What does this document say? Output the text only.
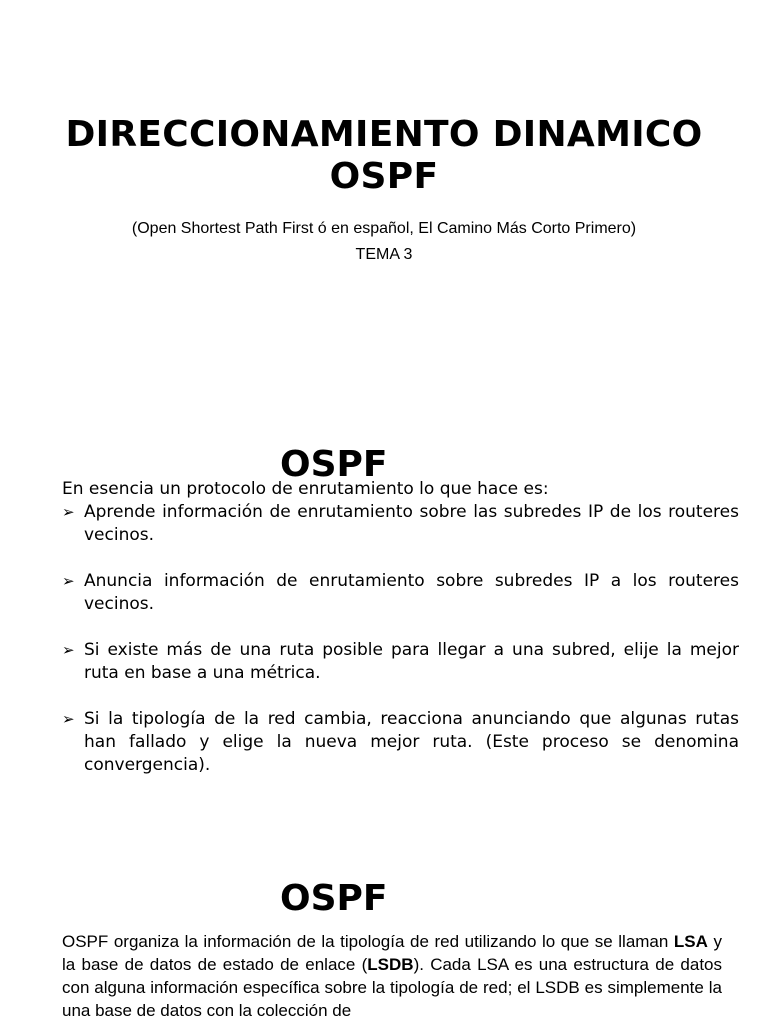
DIRECCIONAMIENTO DINAMICO
OSPF
(Open Shortest Path First ó en español, El Camino Más Corto Primero)
TEMA 3
OSPF
En esencia un protocolo de enrutamiento lo que hace es:
➢ Aprende información de enrutamiento sobre las subredes IP de los routeres vecinos.
➢ Anuncia información de enrutamiento sobre subredes IP a los routeres vecinos.
➢ Si existe más de una ruta posible para llegar a una subred, elije la mejor ruta en base a una métrica.
➢ Si la tipología de la red cambia, reacciona anunciando que algunas rutas han fallado y elige la nueva mejor ruta. (Este proceso se denomina convergencia).
OSPF
OSPF organiza la información de la tipología de red utilizando lo que se llaman LSA y la base de datos de estado de enlace (LSDB). Cada LSA es una estructura de datos con alguna información específica sobre la tipología de red; el LSDB es simplemente la una base de datos con la colección de
